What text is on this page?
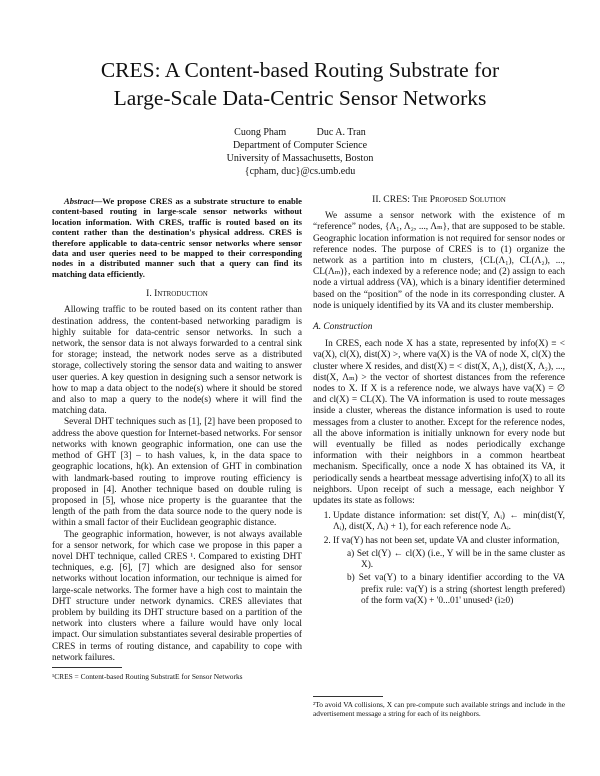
CRES: A Content-based Routing Substrate for
Large-Scale Data-Centric Sensor Networks
Cuong Pham	Duc A. Tran
Department of Computer Science
University of Massachusetts, Boston
{cpham, duc}@cs.umb.edu

Abstract—We propose CRES as a substrate structure to enable content-based routing in large-scale sensor networks without location information. With CRES, traffic is routed based on its content rather than the destination's physical address. CRES is therefore applicable to data-centric sensor networks where sensor data and user queries need to be mapped to their corresponding nodes in a distributed manner such that a query can find its matching data efficiently.

I. Introduction

Allowing traffic to be routed based on its content rather than destination address, the content-based networking paradigm is highly suitable for data-centric sensor networks. In such a network, the sensor data is not always forwarded to a central sink for storage; instead, the network nodes serve as a distributed storage, collectively storing the sensor data and waiting to answer user queries. A key question in designing such a sensor network is how to map a data object to the node(s) where it should be stored and also to map a query to the node(s) where it will find the matching data.

Several DHT techniques such as [1], [2] have been proposed to address the above question for Internet-based networks. For sensor networks with known geographic information, one can use the method of GHT [3] – to hash values, k, in the data space to geographic locations, h(k). An extension of GHT in combination with landmark-based routing to improve routing efficiency is proposed in [4]. Another technique based on double ruling is proposed in [5], whose nice property is the guarantee that the length of the path from the data source node to the query node is within a small factor of their Euclidean geographic distance.

The geographic information, however, is not always available for a sensor network, for which case we propose in this paper a novel DHT technique, called CRES ¹. Compared to existing DHT techniques, e.g. [6], [7] which are designed also for sensor networks without location information, our technique is aimed for large-scale networks. The former have a high cost to maintain the DHT structure under network dynamics. CRES alleviates that problem by building its DHT structure based on a partition of the network into clusters where a failure would have only local impact. Our simulation substantiates several desirable properties of CRES in terms of routing distance, and capability to cope with network failures.

¹CRES = Content-based Routing SubstratE for Sensor Networks
II. CRES: The Proposed Solution

We assume a sensor network with the existence of m “reference” nodes, {Λ₁, Λ₂, ..., Λₘ}, that are supposed to be stable. Geographic location information is not required for sensor nodes or reference nodes. The purpose of CRES is to (1) organize the network as a partition into m clusters, {CL(Λ₁), CL(Λ₂), ..., CL(Λₘ)}, each indexed by a reference node; and (2) assign to each node a virtual address (VA), which is a binary identifier determined based on the “position” of the node in its corresponding cluster. A node is uniquely identified by its VA and its cluster membership.

A. Construction

In CRES, each node X has a state, represented by info(X) ≡ < va(X), cl(X), dist(X) >, where va(X) is the VA of node X, cl(X) the cluster where X resides, and dist(X) ≡ < dist(X, Λ₁), dist(X, Λ₂), ..., dist(X, Λₘ) > the vector of shortest distances from the reference nodes to X. If X is a reference node, we always have va(X) = ∅ and cl(X) = CL(X). The VA information is used to route messages inside a cluster, whereas the distance information is used to route messages from a cluster to another. Except for the reference nodes, all the above information is initially unknown for every node but will eventually be filled as nodes periodically exchange information with their neighbors in a common heartbeat mechanism. Specifically, once a node X has obtained its VA, it periodically sends a heartbeat message advertising info(X) to all its neighbors. Upon receipt of such a message, each neighbor Y updates its state as follows:

1. Update distance information: set dist(Y, Λᵢ) ← min(dist(Y, Λᵢ), dist(X, Λᵢ) + 1), for each reference node Λᵢ.
2. If va(Y) has not been set, update VA and cluster information,
a) Set cl(Y) ← cl(X) (i.e., Y will be in the same cluster as X).
b) Set va(Y) to a binary identifier according to the VA prefix rule: va(Y) is a string (shortest length prefered) of the form va(X) + '0...01' unused² (i≥0)
²To avoid VA collisions, X can pre-compute such available strings and include in the advertisement message a string for each of its neighbors.
